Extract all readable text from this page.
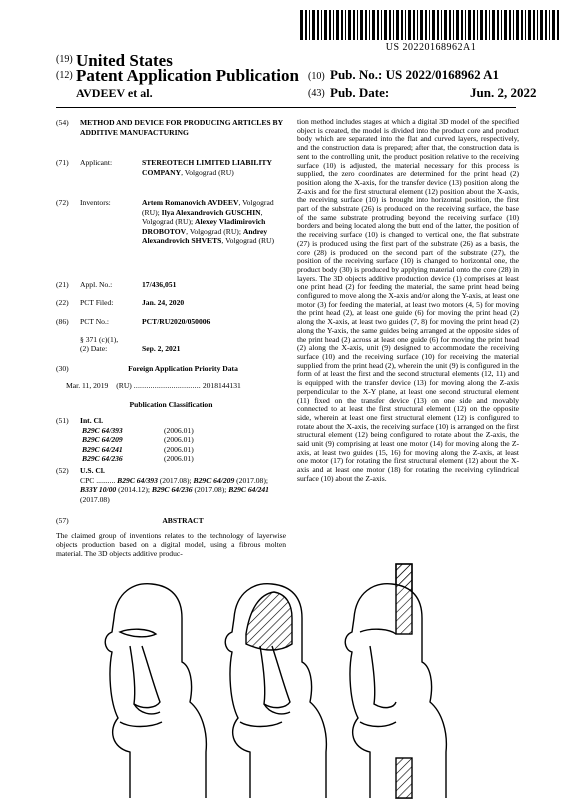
US 20220168962A1
(19) United States
(12) Patent Application Publication
AVDEEV et al.
(10) Pub. No.: US 2022/0168962 A1
(43) Pub. Date:	Jun. 2, 2022
(54)	METHOD AND DEVICE FOR PRODUCING ARTICLES BY ADDITIVE MANUFACTURING
(71)	Applicant:	STEREOTECH LIMITED LIABILITY COMPANY, Volgograd (RU)
(72)	Inventors:	Artem Romanovich AVDEEV, Volgograd (RU); Ilya Alexandrovich GUSCHIN, Volgograd (RU); Alexey Vladimirovich DROBOTOV, Volgograd (RU); Andrey Alexandrovich SHVETS, Volgograd (RU)
(21)	Appl. No.:	17/436,051
(22)	PCT Filed:	Jan. 24, 2020
(86)	PCT No.:	PCT/RU2020/050006
§ 371 (c)(1),
(2) Date:	Sep. 2, 2021
(30)	Foreign Application Priority Data
Mar. 11, 2019 (RU) ................................ 2018144131
Publication Classification
(51)	Int. Cl.
B29C 64/393	(2006.01)
B29C 64/209	(2006.01)
B29C 64/241	(2006.01)
B29C 64/236	(2006.01)
(52)	U.S. Cl.
CPC .......... B29C 64/393 (2017.08); B29C 64/209 (2017.08); B33Y 10/00 (2014.12); B29C 64/236 (2017.08); B29C 64/241 (2017.08)
(57)	ABSTRACT
The claimed group of inventions relates to the technology of layerwise objects production based on a digital model, using a fibrous molten material. The 3D objects additive produc-
tion method includes stages at which a digital 3D model of the specified object is created, the model is divided into the product core and product body which are separated into the flat and curved layers, respectively, and the construction data is prepared; after that, the construction data is sent to the controlling unit, the product position relative to the receiving surface (10) is adjusted, the material necessary for this process is supplied, the zero coordinates are determined for the print head (2) position along the X-axis, for the transfer device (13) position along the Z-axis and for the first structural element (12) position about the X-axis, the receiving surface (10) is brought into horizontal position, the first part of the substrate (26) is produced on the receiving surface, the base of the same substrate protruding beyond the receiving surface (10) borders and being located along the butt end of the latter, the position of the receiving surface (10) is changed to vertical one, the flat substrate (27) is produced using the first part of the substrate (26) as a basis, the core (28) is produced on the second part of the substrate (27), the position of the receiving surface (10) is changed to horizontal one, the product body (30) is produced by applying material onto the core (28) in layers. The 3D objects additive production device (1) comprises at least one print head (2) for feeding the material, the same print head being configured to move along the X-axis and/or along the Y-axis, at least one motor (3) for feeding the material, at least two motors (4, 5) for moving the print head (2), at least one guide (6) for moving the print head (2) along the X-axis, at least two guides (7, 8) for moving the print head (2) along the Y-axis, the same guides being arranged at the opposite sides of the print head (2) across at least one guide (6) for moving the print head (2) along the X-axis, unit (9) designed to accommodate the receiving surface (10) and the receiving surface (10) for receiving the material supplied from the print head (2), wherein the unit (9) is configured in the form of at least the first and the second structural elements (12, 11) and is equipped with the transfer device (13) for moving along the Z-axis perpendicular to the X-Y plane, at least one second structural element (11) fixed on the transfer device (13) on one side and movably connected to at least the first structural element (12) on the opposite side, wherein at least one first structural element (12) is configured to rotate about the X-axis, the receiving surface (10) is arranged on the first structural element (12) being configured to rotate about the Z-axis, the said unit (9) comprising at least one motor (14) for moving along the Z-axis, at least two guides (15, 16) for moving along the Z-axis, at least one motor (17) for rotating the first structural element (12) about the X-axis and at least one motor (18) for rotating the receiving cylindrical surface (10) about the Z-axis.
